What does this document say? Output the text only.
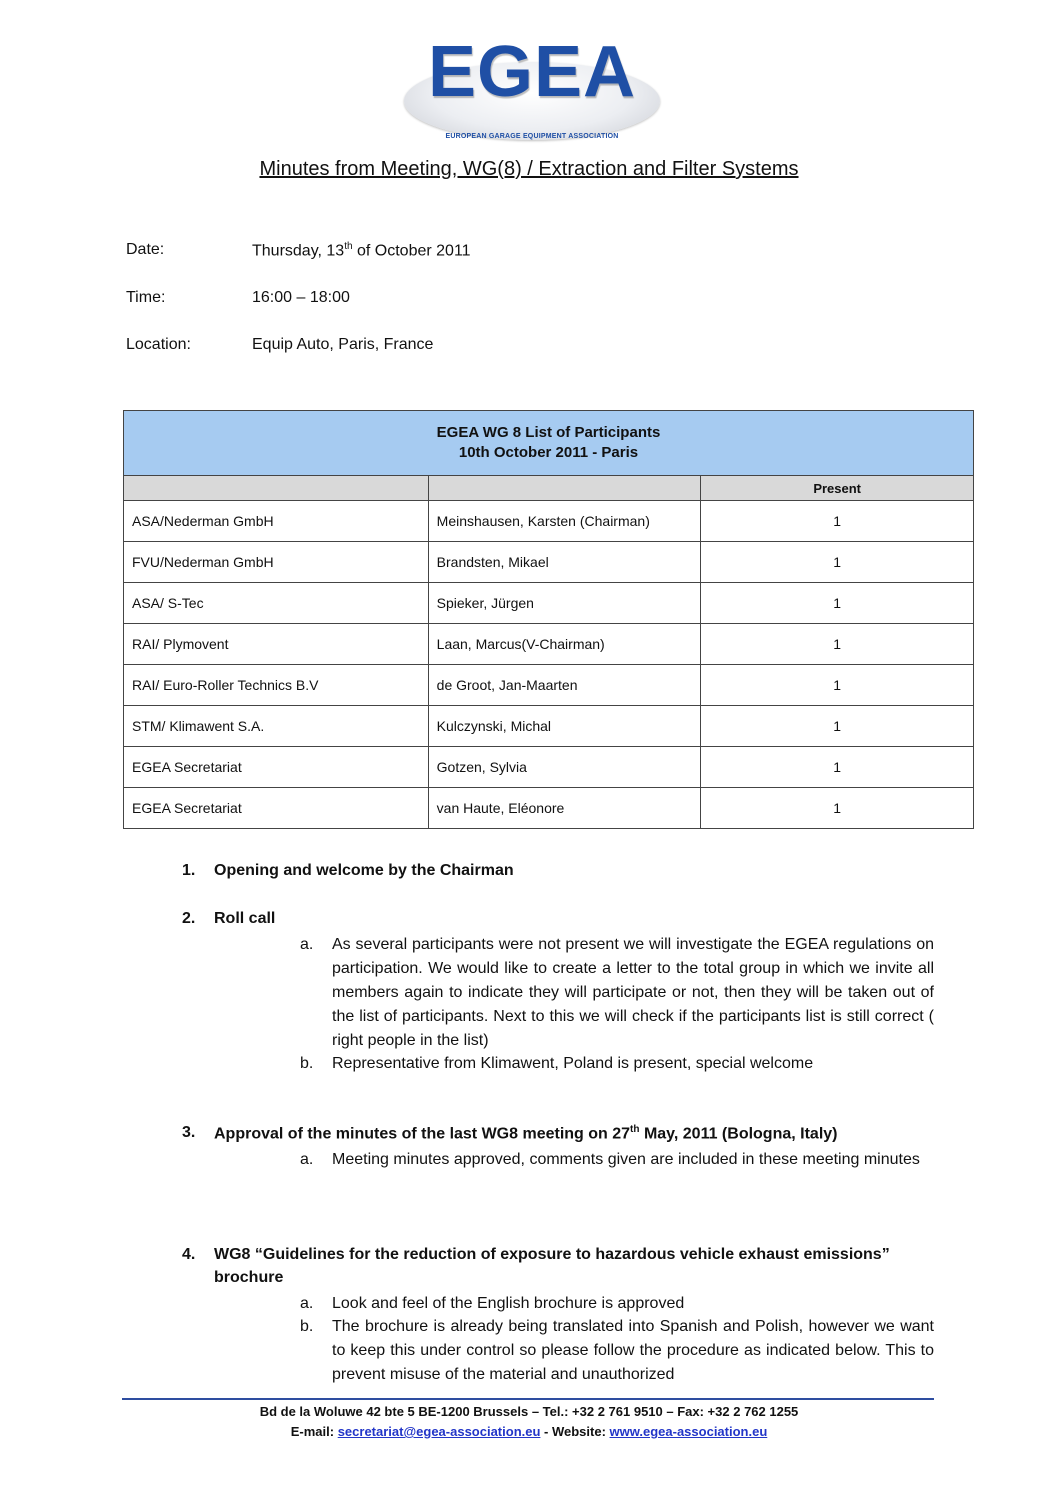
EGEA
EUROPEAN GARAGE EQUIPMENT ASSOCIATION
Minutes from Meeting, WG(8) / Extraction and Filter Systems
Date:	Thursday, 13th of October 2011
Time:	16:00 – 18:00
Location:	Equip Auto, Paris, France
EGEA WG 8 List of Participants
10th October 2011 - Paris		

		Present
ASA/Nederman GmbH	Meinshausen, Karsten (Chairman)	1
FVU/Nederman GmbH	Brandsten, Mikael	1
ASA/ S-Tec	Spieker, Jürgen	1
RAI/ Plymovent	Laan, Marcus(V-Chairman)	1
RAI/ Euro-Roller Technics B.V	de Groot, Jan-Maarten	1
STM/ Klimawent S.A.	Kulczynski, Michal	1
EGEA Secretariat	Gotzen, Sylvia	1
EGEA Secretariat	van Haute, Eléonore	1
1. Opening and welcome by the Chairman
2. Roll call
a. As several participants were not present we will investigate the EGEA regulations on participation. We would like to create a letter to the total group in which we invite all members again to indicate they will participate or not, then they will be taken out of the list of participants. Next to this we will check if the participants list is still correct ( right people in the list)
b. Representative from Klimawent, Poland is present, special welcome
3. Approval of the minutes of the last WG8 meeting on 27th May, 2011 (Bologna, Italy)
a. Meeting minutes approved, comments given are included in these meeting minutes
4. WG8 “Guidelines for the reduction of exposure to hazardous vehicle exhaust emissions”
brochure
a. Look and feel of the English brochure is approved
b. The brochure is already being translated into Spanish and Polish, however we want to keep this under control so please follow the procedure as indicated below. This to prevent misuse of the material and unauthorized
Bd de la Woluwe 42 bte 5 BE-1200 Brussels – Tel.: +32 2 761 9510 – Fax: +32 2 762 1255
E-mail: secretariat@egea-association.eu - Website: www.egea-association.eu
